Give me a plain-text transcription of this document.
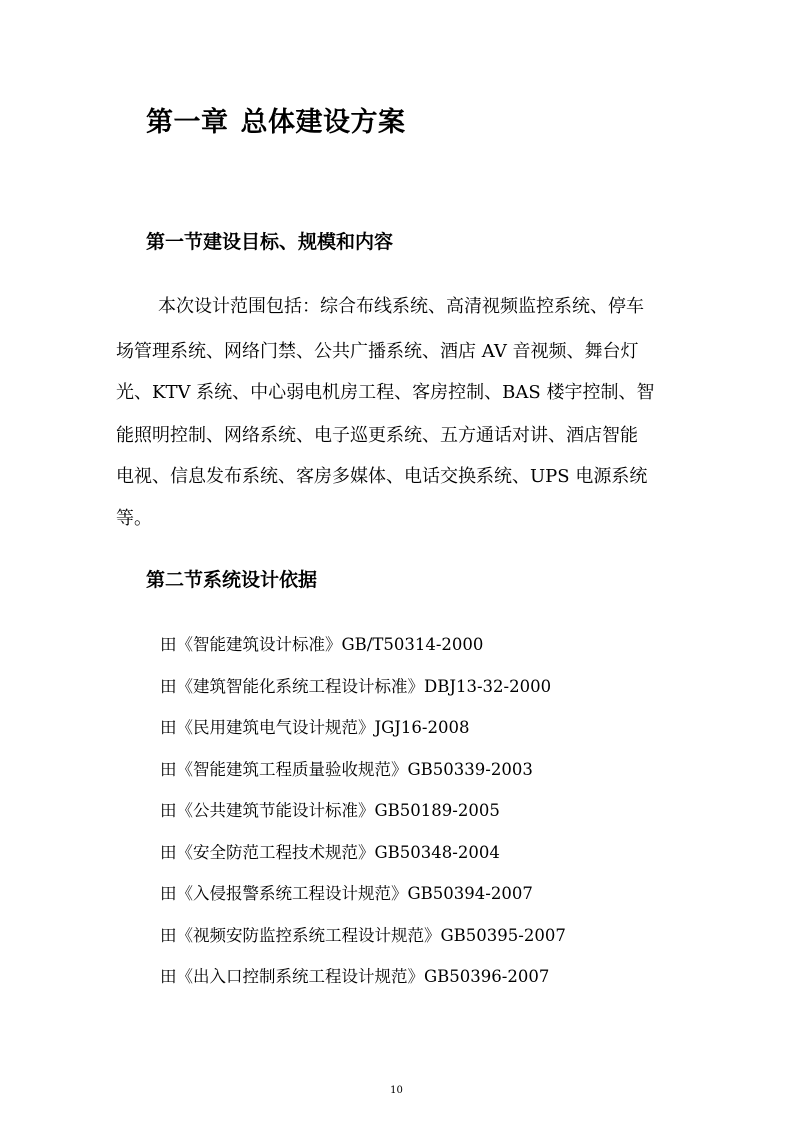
第一章 总体建设方案
第一节建设目标、规模和内容
本次设计范围包括：综合布线系统、高清视频监控系统、停车
场管理系统、网络门禁、公共广播系统、酒店 AV 音视频、舞台灯
光、KTV 系统、中心弱电机房工程、客房控制、BAS 楼宇控制、智
能照明控制、网络系统、电子巡更系统、五方通话对讲、酒店智能
电视、信息发布系统、客房多媒体、电话交换系统、UPS 电源系统
等。
第二节系统设计依据
田《智能建筑设计标准》GB/T50314-2000
田《建筑智能化系统工程设计标准》DBJ13-32-2000
田《民用建筑电气设计规范》JGJ16-2008
田《智能建筑工程质量验收规范》GB50339-2003
田《公共建筑节能设计标准》GB50189-2005
田《安全防范工程技术规范》GB50348-2004
田《入侵报警系统工程设计规范》GB50394-2007
田《视频安防监控系统工程设计规范》GB50395-2007
田《出入口控制系统工程设计规范》GB50396-2007
10
